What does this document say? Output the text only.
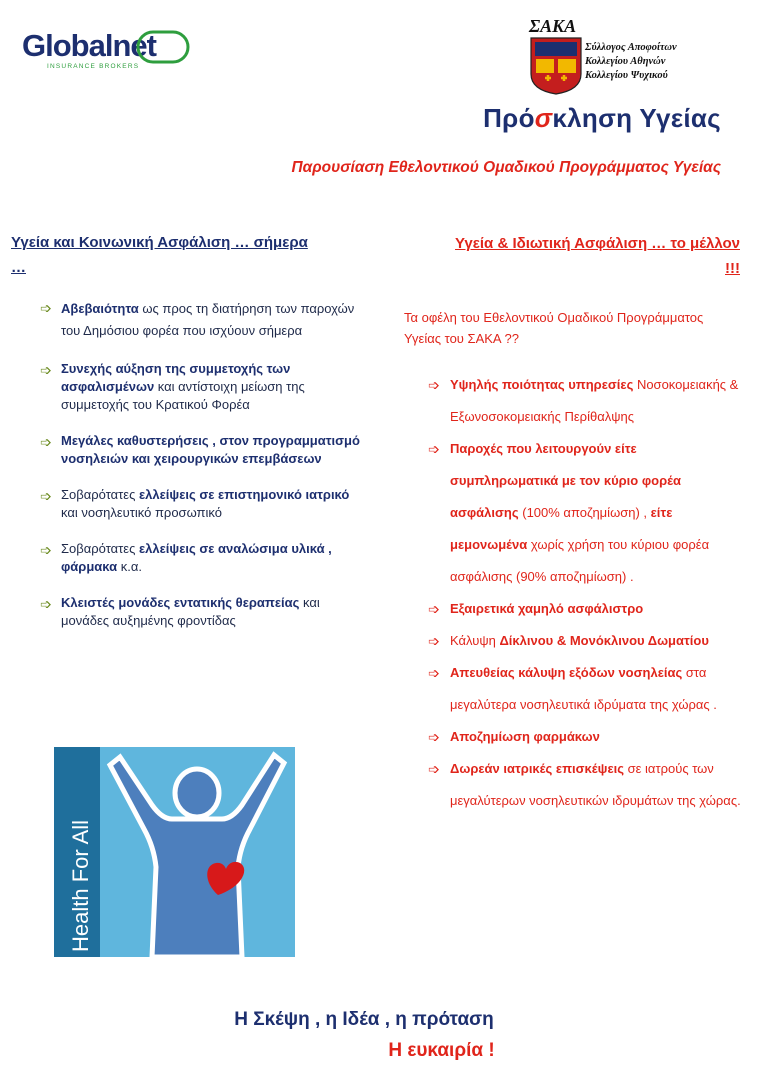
Globalnet
INSURANCE BROKERS
ΣΑΚΑ
Σύλλογος Αποφοίτων
Κολλεγίου Αθηνών
Κολλεγίου Ψυχικού
Πρόσκληση Υγείας
Παρουσίαση Εθελοντικού Ομαδικού Προγράμματος Υγείας
Υγεία και Κοινωνική Ασφάλιση … σήμερα …
Υγεία & Ιδιωτική Ασφάλιση … το μέλλον !!!
➩ Αβεβαιότητα ως προς τη διατήρηση των παροχών του Δημόσιου φορέα που ισχύουν σήμερα
➩ Συνεχής αύξηση της συμμετοχής των ασφαλισμένων και αντίστοιχη μείωση της συμμετοχής του Κρατικού Φορέα
➩ Μεγάλες καθυστερήσεις , στον προγραμματισμό νοσηλειών και χειρουργικών επεμβάσεων
➩ Σοβαρότατες ελλείψεις σε επιστημονικό ιατρικό και νοσηλευτικό προσωπικό
➩ Σοβαρότατες ελλείψεις σε αναλώσιμα υλικά , φάρμακα κ.α.
➩ Κλειστές μονάδες εντατικής θεραπείας και μονάδες αυξημένης φροντίδας
Τα οφέλη του Εθελοντικού Ομαδικού Προγράμματος Υγείας του ΣΑΚΑ ??
➩ Υψηλής ποιότητας υπηρεσίες Νοσοκομειακής & Εξωνοσοκομειακής Περίθαλψης
➩ Παροχές που λειτουργούν είτε συμπληρωματικά με τον κύριο φορέα ασφάλισης (100% αποζημίωση) , είτε μεμονωμένα χωρίς χρήση του κύριου φορέα ασφάλισης (90% αποζημίωση) .
➩ Εξαιρετικά χαμηλό ασφάλιστρο
➩ Κάλυψη Δίκλινου & Μονόκλινου Δωματίου
➩ Απευθείας κάλυψη εξόδων νοσηλείας στα μεγαλύτερα νοσηλευτικά ιδρύματα της χώρας .
➩ Αποζημίωση φαρμάκων
➩ Δωρεάν ιατρικές επισκέψεις σε ιατρούς των μεγαλύτερων νοσηλευτικών ιδρυμάτων της χώρας.
Health For All
Η Σκέψη , η Ιδέα , η πρόταση
Η ευκαιρία !
